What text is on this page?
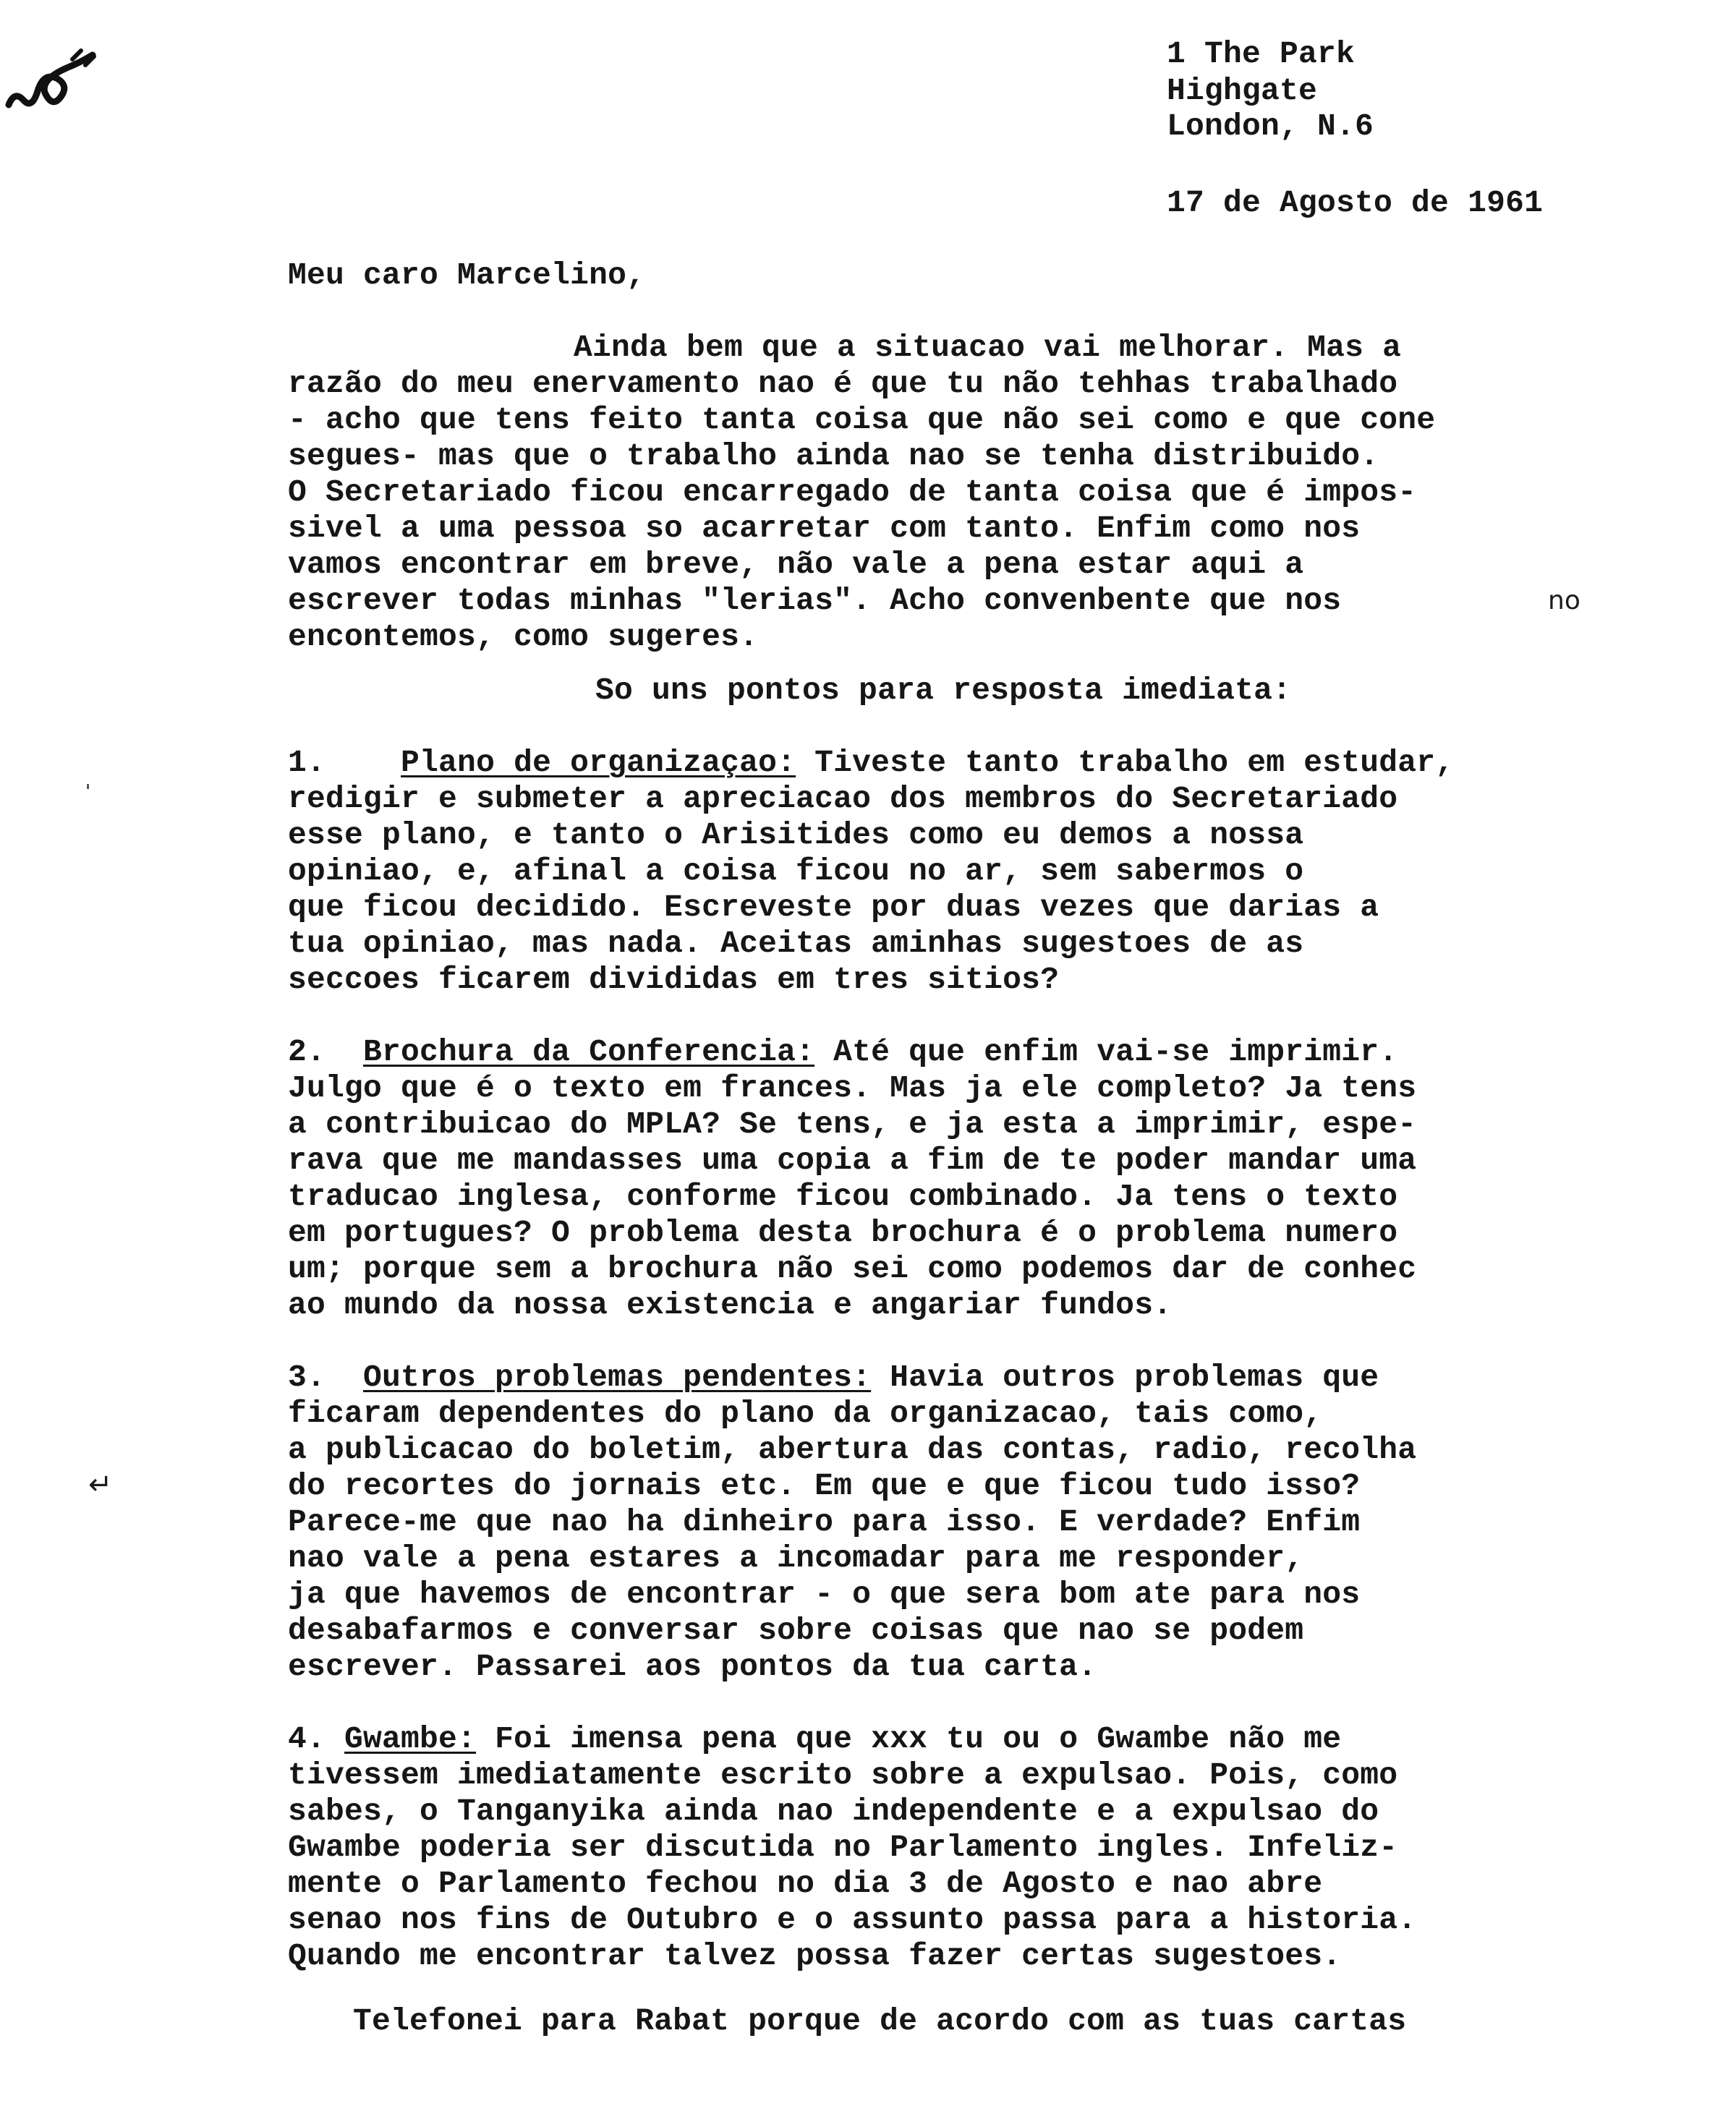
1 The Park
Highgate
London, N.6
17 de Agosto de 1961
Meu caro Marcelino,
Ainda bem que a situacao vai melhorar. Mas a
razão do meu enervamento nao é que tu não tehhas trabalhado
- acho que tens feito tanta coisa que não sei como e que cone
segues- mas que o trabalho ainda nao se tenha distribuido.
O Secretariado ficou encarregado de tanta coisa que é impos-
sivel a uma pessoa so acarretar com tanto. Enfim como nos
vamos encontrar em breve, não vale a pena estar aqui a
escrever todas minhas "lerias". Acho convenbente que nos
encontemos, como sugeres.
no
So uns pontos para resposta imediata:
1. Plano de organizaçao: Tiveste tanto trabalho em estudar,
redigir e submeter a apreciacao dos membros do Secretariado
esse plano, e tanto o Arisitides como eu demos a nossa
opiniao, e, afinal a coisa ficou no ar, sem sabermos o
que ficou decidido. Escreveste por duas vezes que darias a
tua opiniao, mas nada. Aceitas aminhas sugestoes de as
seccoes ficarem divididas em tres sitios?
2. Brochura da Conferencia: Até que enfim vai-se imprimir.
Julgo que é o texto em frances. Mas ja ele completo? Ja tens
a contribuicao do MPLA? Se tens, e ja esta a imprimir, espe-
rava que me mandasses uma copia a fim de te poder mandar uma
traducao inglesa, conforme ficou combinado. Ja tens o texto
em portugues? O problema desta brochura é o problema numero
um; porque sem a brochura não sei como podemos dar de conhec
ao mundo da nossa existencia e angariar fundos.
3. Outros problemas pendentes: Havia outros problemas que
ficaram dependentes do plano da organizacao, tais como,
a publicacao do boletim, abertura das contas, radio, recolha
do recortes do jornais etc. Em que e que ficou tudo isso?
Parece-me que nao ha dinheiro para isso. E verdade? Enfim
nao vale a pena estares a incomadar para me responder,
ja que havemos de encontrar - o que sera bom ate para nos
desabafarmos e conversar sobre coisas que nao se podem
escrever. Passarei aos pontos da tua carta.
4. Gwambe: Foi imensa pena que xxx tu ou o Gwambe não me
tivessem imediatamente escrito sobre a expulsao. Pois, como
sabes, o Tanganyika ainda nao independente e a expulsao do
Gwambe poderia ser discutida no Parlamento ingles. Infeliz-
mente o Parlamento fechou no dia 3 de Agosto e nao abre
senao nos fins de Outubro e o assunto passa para a historia.
Quando me encontrar talvez possa fazer certas sugestoes.
Telefonei para Rabat porque de acordo com as tuas cartas
'
↵
